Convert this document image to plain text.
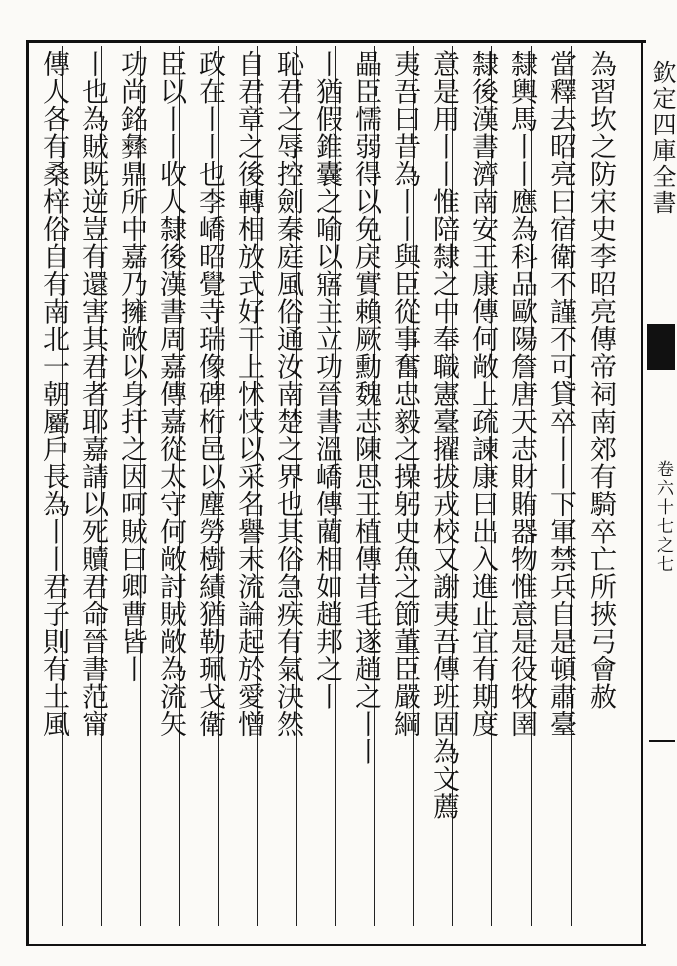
為習坎之防宋史李昭亮傳帝祠南郊有騎卒亡所挾弓會赦
當釋去昭亮曰宿衛不謹不可貸卒丨丨下軍禁兵自是頓肅臺
隸輿馬丨丨應為科品歐陽詹唐天志財賄器物惟意是役牧圉
隸後漢書濟南安王康傳何敞上疏諫康曰出入進止宜有期度
意是用丨丨惟陪隸之中奉職憲臺擢拔戎校又謝夷吾傳班固為文薦
夷吾曰昔為丨丨與臣從事奮忠毅之操躬史魚之節董臣嚴綱
畾臣懦弱得以免戾實賴厥勳魏志陳思王植傳昔毛遂趙之丨丨
丨猶假錐囊之喻以寤主立功晉書溫嶠傳藺相如趙邦之丨
恥君之辱控劍秦庭風俗通汝南楚之界也其俗急疾有氣決然
自君章之後轉相放式好干上怵忮以采名譽末流論起於愛憎
政在丨丨也李嶠昭覺寺瑞像碑桁邑以塵勞樹績猶勒珮戈衛
臣以丨丨收人隸後漢書周嘉傳嘉從太守何敞討賊敞為流矢
功尚銘彝鼎所中嘉乃擁敞以身扞之因呵賊曰卿曹皆丨
丨也為賊既逆豈有還害其君者耶嘉請以死贖君命晉書范甯
傳人各有桑梓俗自有南北一朝屬戶長為丨丨君子則有土風	欽定四庫全書
卷六十七之七
